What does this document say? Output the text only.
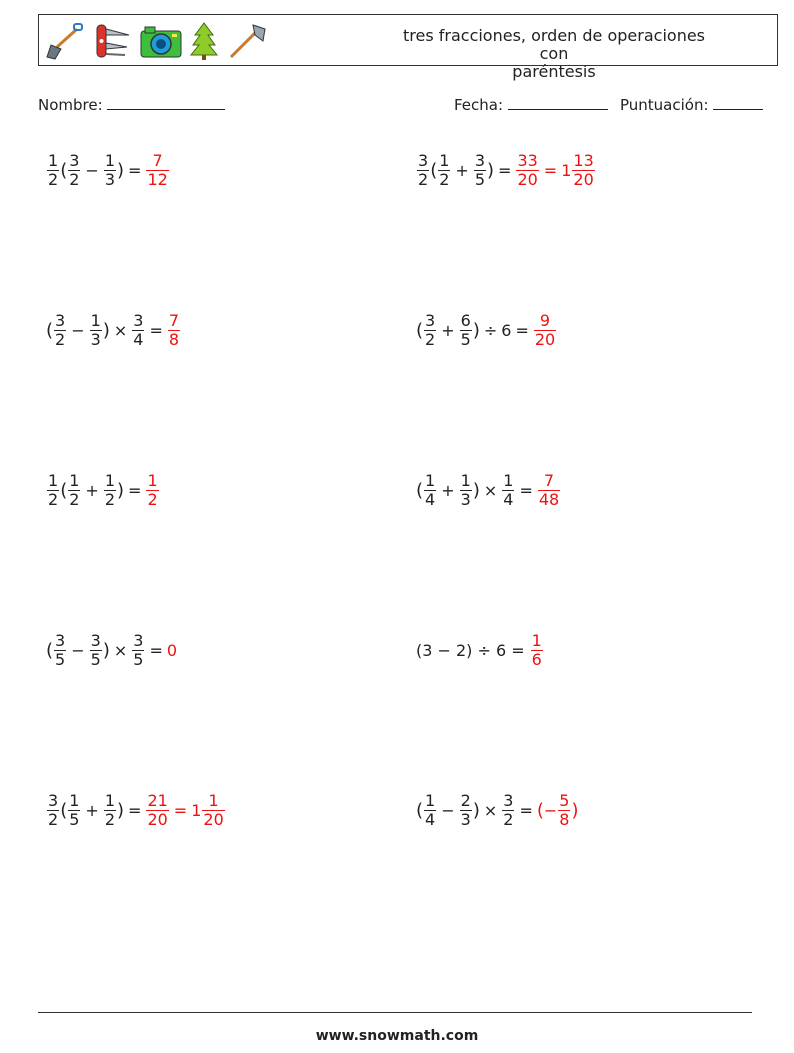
tres fracciones, orden de operaciones con
paréntesis
Nombre:	Fecha:	Puntuación:
$\frac{1}{2}$ ( $\frac{3}{2} - \frac{1}{3}$ ) = $\frac{7}{12}$	$\frac{3}{2}$ ( $\frac{1}{2} + \frac{3}{5}$ ) = $\frac{33}{20} = 1 \frac{13}{20}$
( $\frac{3}{2} - \frac{1}{3}$ ) × $\frac{3}{4} = \frac{7}{8}$	( $\frac{3}{2} + \frac{6}{5}$ ) ÷ $6 = \frac{9}{20}$
$\frac{1}{2}$ ( $\frac{1}{2} + \frac{1}{2}$ ) = $\frac{1}{2}$	( $\frac{1}{4} + \frac{1}{3}$ ) × $\frac{1}{4} = \frac{7}{48}$
( $\frac{3}{5} - \frac{3}{5}$ ) × $\frac{3}{5} = 0$	$(3 - 2) \div 6 = \frac{1}{6}$
$\frac{3}{2}$ ( $\frac{1}{5} + \frac{1}{2}$ ) = $\frac{21}{20} = 1 \frac{1}{20}$	( $\frac{1}{4} - \frac{2}{3}$ ) × $\frac{3}{2}$ = ( − $\frac{5}{8}$ )
www.snowmath.com
